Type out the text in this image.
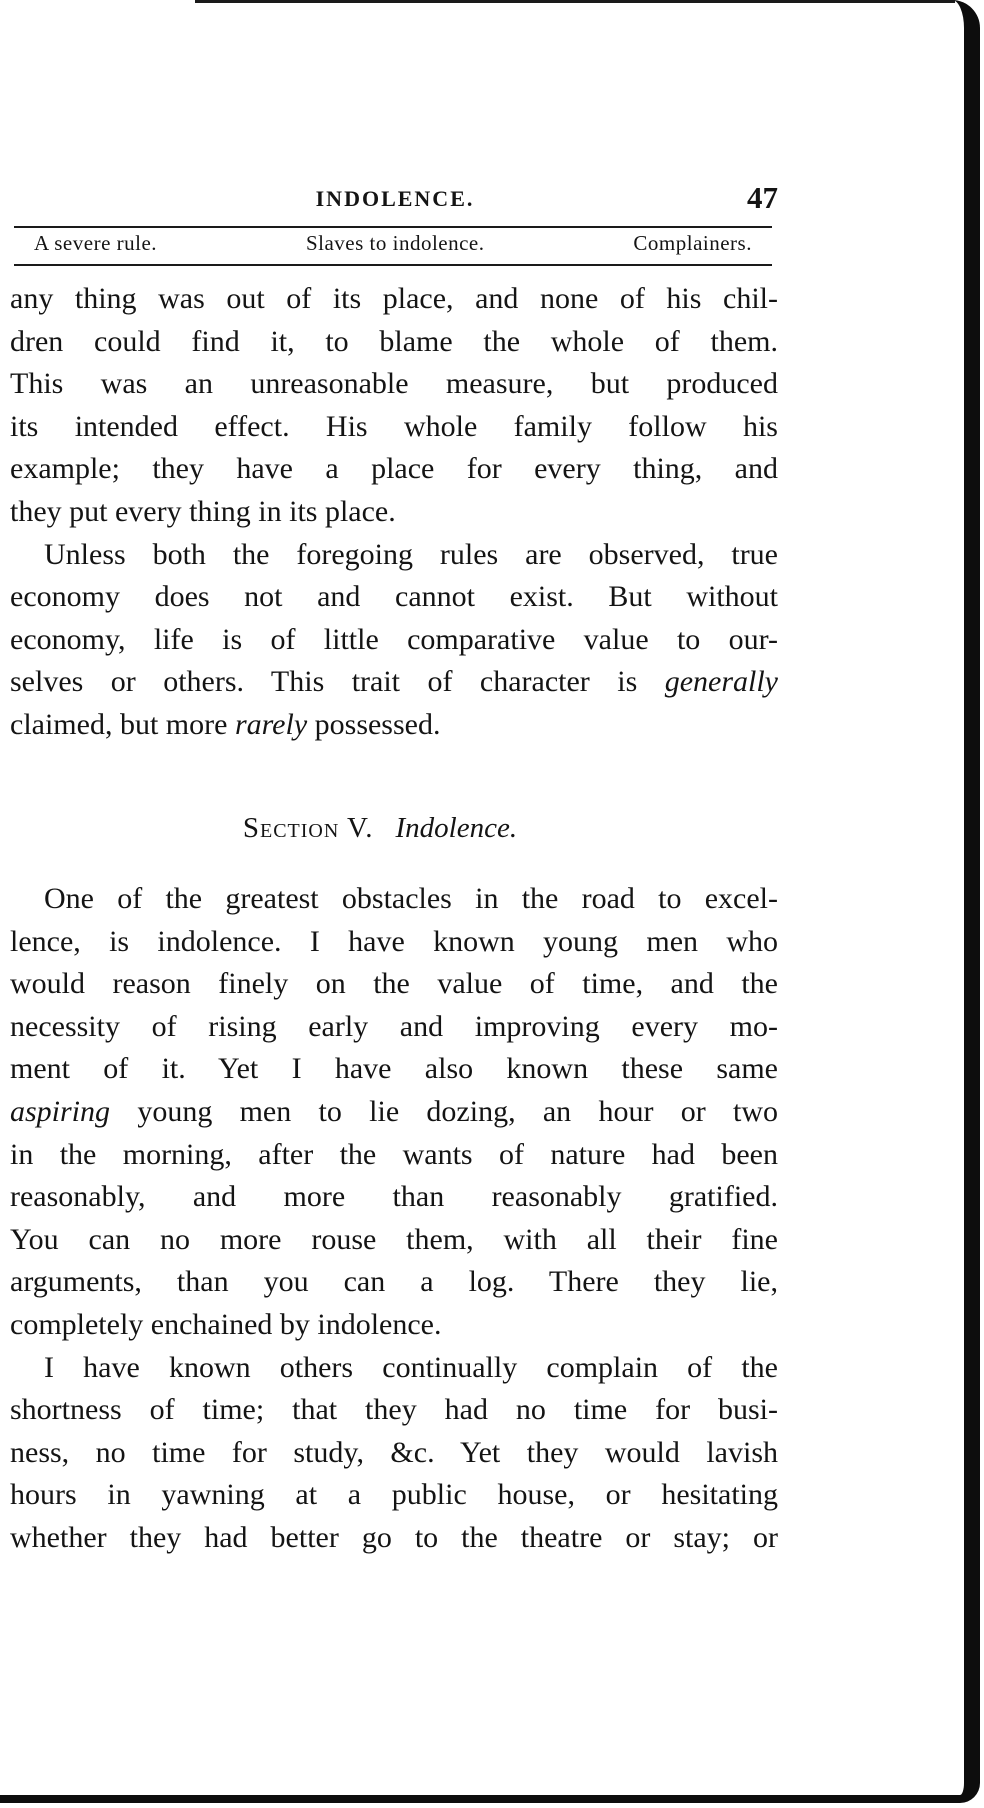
INDOLENCE.	47
A severe rule.	Slaves to indolence.	Complainers.
any thing was out of its place, and none of his chil-
dren could find it, to blame the whole of them.
This was an unreasonable measure, but produced
its intended effect. His whole family follow his
example; they have a place for every thing, and
they put every thing in its place.
Unless both the foregoing rules are observed, true
economy does not and cannot exist. But without
economy, life is of little comparative value to our-
selves or others. This trait of character is generally
claimed, but more rarely possessed.
Section V. Indolence.
One of the greatest obstacles in the road to excel-
lence, is indolence. I have known young men who
would reason finely on the value of time, and the
necessity of rising early and improving every mo-
ment of it. Yet I have also known these same
aspiring young men to lie dozing, an hour or two
in the morning, after the wants of nature had been
reasonably, and more than reasonably gratified.
You can no more rouse them, with all their fine
arguments, than you can a log. There they lie,
completely enchained by indolence.
I have known others continually complain of the
shortness of time; that they had no time for busi-
ness, no time for study, &c. Yet they would lavish
hours in yawning at a public house, or hesitating
whether they had better go to the theatre or stay; or
